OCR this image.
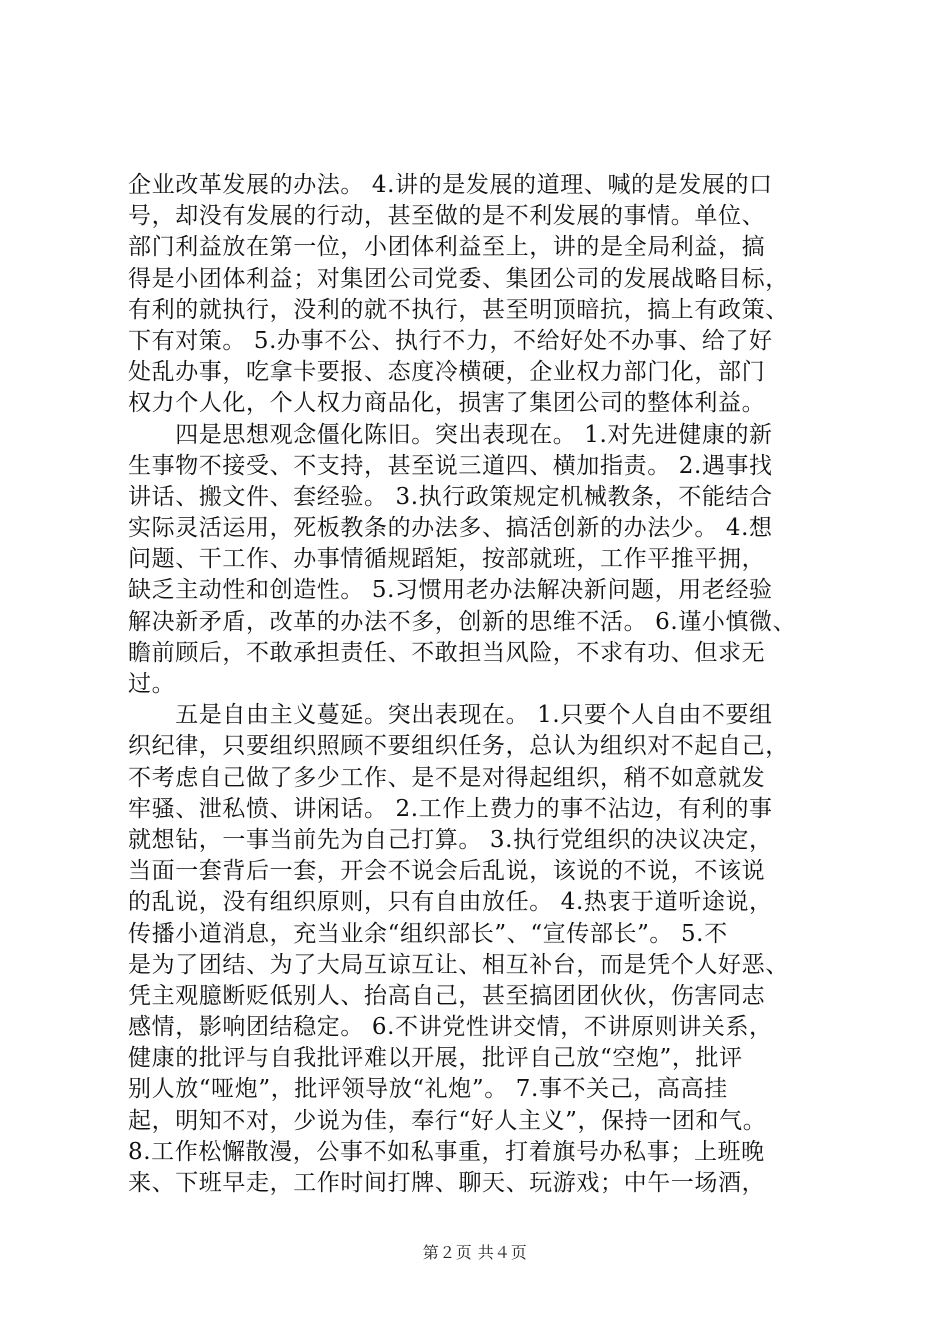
企业改革发展的办法。 4.讲的是发展的道理、喊的是发展的口
号，却没有发展的行动，甚至做的是不利发展的事情。单位、
部门利益放在第一位，小团体利益至上，讲的是全局利益，搞
得是小团体利益；对集团公司党委、集团公司的发展战略目标，
有利的就执行，没利的就不执行，甚至明顶暗抗，搞上有政策、
下有对策。 5.办事不公、执行不力，不给好处不办事、给了好
处乱办事，吃拿卡要报、态度冷横硬，企业权力部门化，部门
权力个人化，个人权力商品化，损害了集团公司的整体利益。
　　四是思想观念僵化陈旧。突出表现在。 1.对先进健康的新
生事物不接受、不支持，甚至说三道四、横加指责。 2.遇事找
讲话、搬文件、套经验。 3.执行政策规定机械教条，不能结合
实际灵活运用，死板教条的办法多、搞活创新的办法少。 4.想
问题、干工作、办事情循规蹈矩，按部就班，工作平推平拥，
缺乏主动性和创造性。 5.习惯用老办法解决新问题，用老经验
解决新矛盾，改革的办法不多，创新的思维不活。 6.谨小慎微、
瞻前顾后，不敢承担责任、不敢担当风险，不求有功、但求无
过。
　　五是自由主义蔓延。突出表现在。 1.只要个人自由不要组
织纪律，只要组织照顾不要组织任务，总认为组织对不起自己，
不考虑自己做了多少工作、是不是对得起组织，稍不如意就发
牢骚、泄私愤、讲闲话。 2.工作上费力的事不沾边，有利的事
就想钻，一事当前先为自己打算。 3.执行党组织的决议决定，
当面一套背后一套，开会不说会后乱说，该说的不说，不该说
的乱说，没有组织原则，只有自由放任。 4.热衷于道听途说，
传播小道消息，充当业余“组织部长”、“宣传部长”。 5.不
是为了团结、为了大局互谅互让、相互补台，而是凭个人好恶、
凭主观臆断贬低别人、抬高自己，甚至搞团团伙伙，伤害同志
感情，影响团结稳定。 6.不讲党性讲交情，不讲原则讲关系，
健康的批评与自我批评难以开展，批评自己放“空炮”，批评
别人放“哑炮”，批评领导放“礼炮”。 7.事不关己，高高挂
起，明知不对，少说为佳，奉行“好人主义”，保持一团和气。
8.工作松懈散漫，公事不如私事重，打着旗号办私事；上班晚
来、下班早走，工作时间打牌、聊天、玩游戏；中午一场酒，
第２页 共４页
